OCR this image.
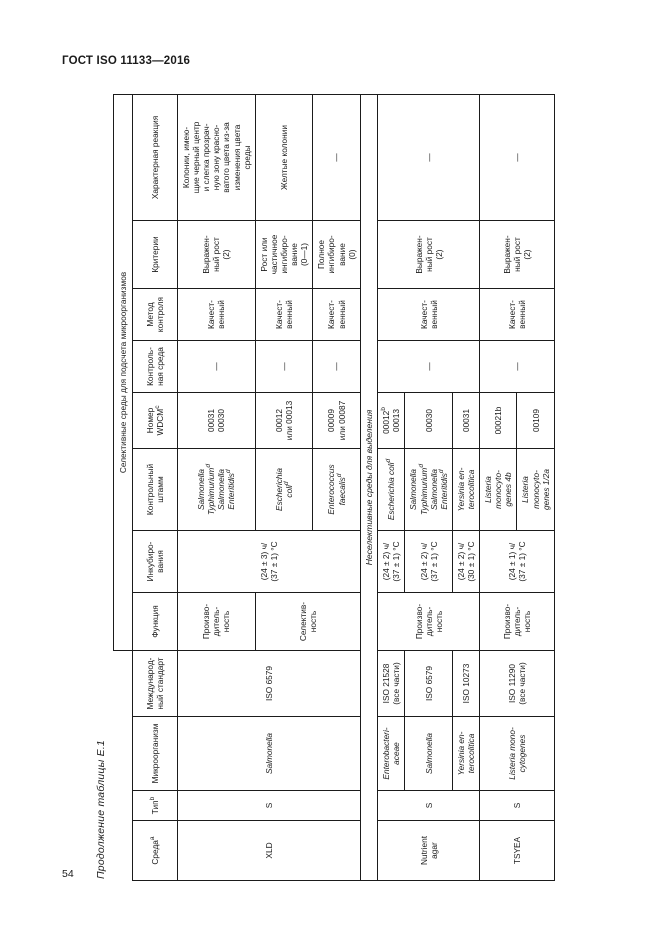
ГОСТ ISO 11133—2016
54 Продолжение таблицы Е.1
				Селективные среды для подсчета микроорганизмов							
Среда$^a$	Тип$^b$	Микроорганизм	Международ-
ный стандарт	Функция	Инкубиро-
вания	Контрольный
штамм	Номер
WDCM$^c$	Контроль-
ная среда	Метод
контроля	Критерии	Характерная реакция
XLD	S	Salmonella	ISO 6579	Произво-
дитель-
ность	(24 ± 3) ч/
(37 ± 1) °C	Salmonella
Typhimurium$^d$
Salmonella
Enteritidis$^d$	00031
00030	—	Качест-
венный	Выражен-
ный рост
(2)	Колонии, имею-
щие черный центр
и слегка прозрач-
ную зону красно-
ватого цвета из-за
изменения цвета
среды
				Селектив-
ность		Escherichia
coli$^d$	00012
или 00013	—	Качест-
венный	Рост или
частичное
ингибиро-
вание
(0—1)	Желтые колонии
						Enterococcus
faecalis$^d$	00009
или 00087	—	Качест-
венный	Полное
ингибиро-
вание
(0)	—
Неселективные среды для выделения											
Nutrient
agar	S	Enterobacteri-
aceae	ISO 21528
(все части)	Произво-
дитель-
ность	(24 ± 2) ч/
(37 ± 1) °C	Escherichia coli$^d$	00012$^b$
00013	—	Качест-
венный	Выражен-
ный рост
(2)	—
		Salmonella	ISO 6579		(24 ± 2) ч/
(37 ± 1) °C	Salmonella
Typhimurium$^d$
Salmonella
Enteritidis$^d$	00030				
		Yersinia en-
terocolitica	ISO 10273		(24 ± 2) ч/
(30 ± 1) °C	Yersinia en-
terocolitica	00031				
TSYEA	S	Listeria mono-
cytogenes	ISO 11290
(все части)	Произво-
дитель-
ность	(24 ± 1) ч/
(37 ± 1) °C	Listeria
monocyto-
genes 4b	00021b	—	Качест-
венный	Выражен-
ный рост
(2)	—
						Listeria
monocyto-
genes 1/2a	00109				
